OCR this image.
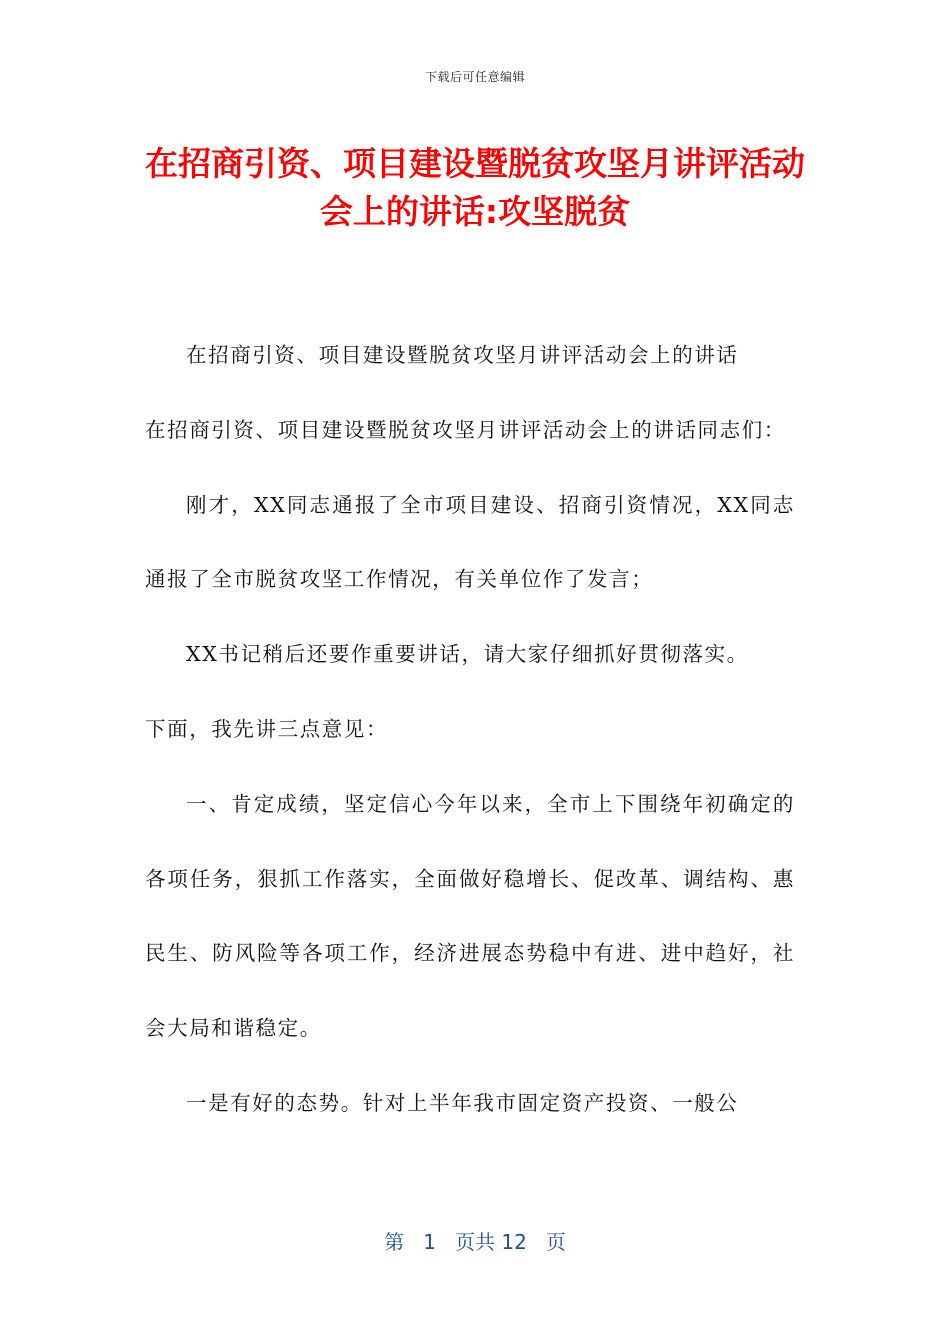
下载后可任意编辑
在招商引资、项目建设暨脱贫攻坚月讲评活动会上的讲话:攻坚脱贫

在招商引资、项目建设暨脱贫攻坚月讲评活动会上的讲话

在招商引资、项目建设暨脱贫攻坚月讲评活动会上的讲话同志们：

刚才，XX同志通报了全市项目建设、招商引资情况，XX同志通报了全市脱贫攻坚工作情况，有关单位作了发言；

XX书记稍后还要作重要讲话，请大家仔细抓好贯彻落实。

下面，我先讲三点意见：

一、肯定成绩，坚定信心今年以来，全市上下围绕年初确定的各项任务，狠抓工作落实，全面做好稳增长、促改革、调结构、惠民生、防风险等各项工作，经济进展态势稳中有进、进中趋好，社会大局和谐稳定。

一是有好的态势。针对上半年我市固定资产投资、一般公

第 1 页共 12 页
